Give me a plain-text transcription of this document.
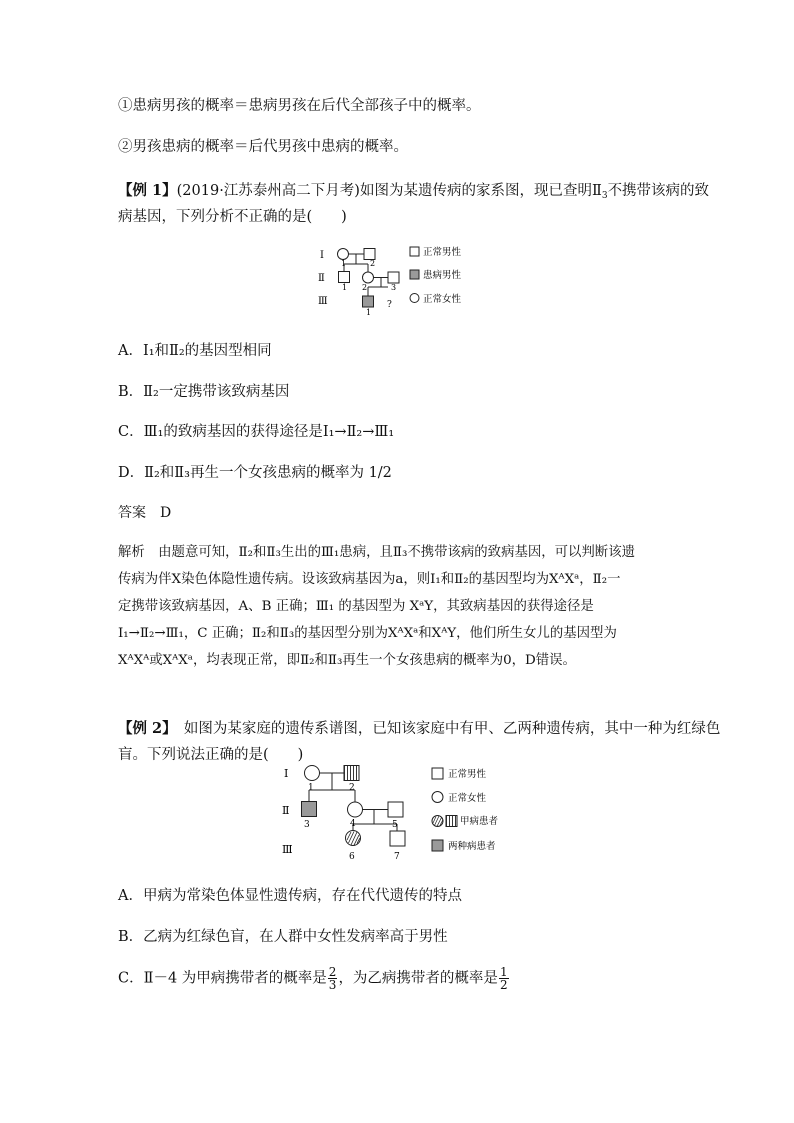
①患病男孩的概率＝患病男孩在后代全部孩子中的概率。
②男孩患病的概率＝后代男孩中患病的概率。
【例 1】(2019·江苏泰州高二下月考)如图为某遗传病的家系图，现已查明$Ⅱ_3$不携带该病的致
病基因，下列分析不正确的是(　　)
Ⅰ
Ⅱ
Ⅲ
1	2
1 2	3
1
?
正常男性
患病男性
正常女性
A．Ⅰ₁和Ⅱ₂的基因型相同
B．Ⅱ₂一定携带该致病基因
C．Ⅲ₁的致病基因的获得途径是Ⅰ₁→Ⅱ₂→Ⅲ₁
D．Ⅱ₂和Ⅱ₃再生一个女孩患病的概率为 1/2
答案  D
解析   由题意可知，Ⅱ₂和Ⅱ₃生出的Ⅲ₁患病，且Ⅱ₃不携带该病的致病基因，可以判断该遗
传病为伴X染色体隐性遗传病。设该致病基因为a，则Ⅰ₁和Ⅱ₂的基因型均为XᴬXᵃ，Ⅱ₂一
定携带该致病基因，A、B 正确；Ⅲ₁ 的基因型为 XᵃY，其致病基因的获得途径是
Ⅰ₁→Ⅱ₂→Ⅲ₁，C 正确；Ⅱ₂和Ⅱ₃的基因型分别为XᴬXᵃ和XᴬY，他们所生女儿的基因型为
XᴬXᴬ或XᴬXᵃ，均表现正常，即Ⅱ₂和Ⅱ₃再生一个女孩患病的概率为0，D错误。
【例 2】  如图为某家庭的遗传系谱图，已知该家庭中有甲、乙两种遗传病，其中一种为红绿色
盲。下列说法正确的是(　　)
Ⅰ
Ⅱ
Ⅲ
1	2
3	4	5
6	7
正常男性
正常女性
甲病患者
两种病患者
A．甲病为常染色体显性遗传病，存在代代遗传的特点
B．乙病为红绿色盲，在人群中女性发病率高于男性
C．Ⅱ－4 为甲病携带者的概率是 $\frac{2}{3}$ ，为乙病携带者的概率是 $\frac{1}{2}$
